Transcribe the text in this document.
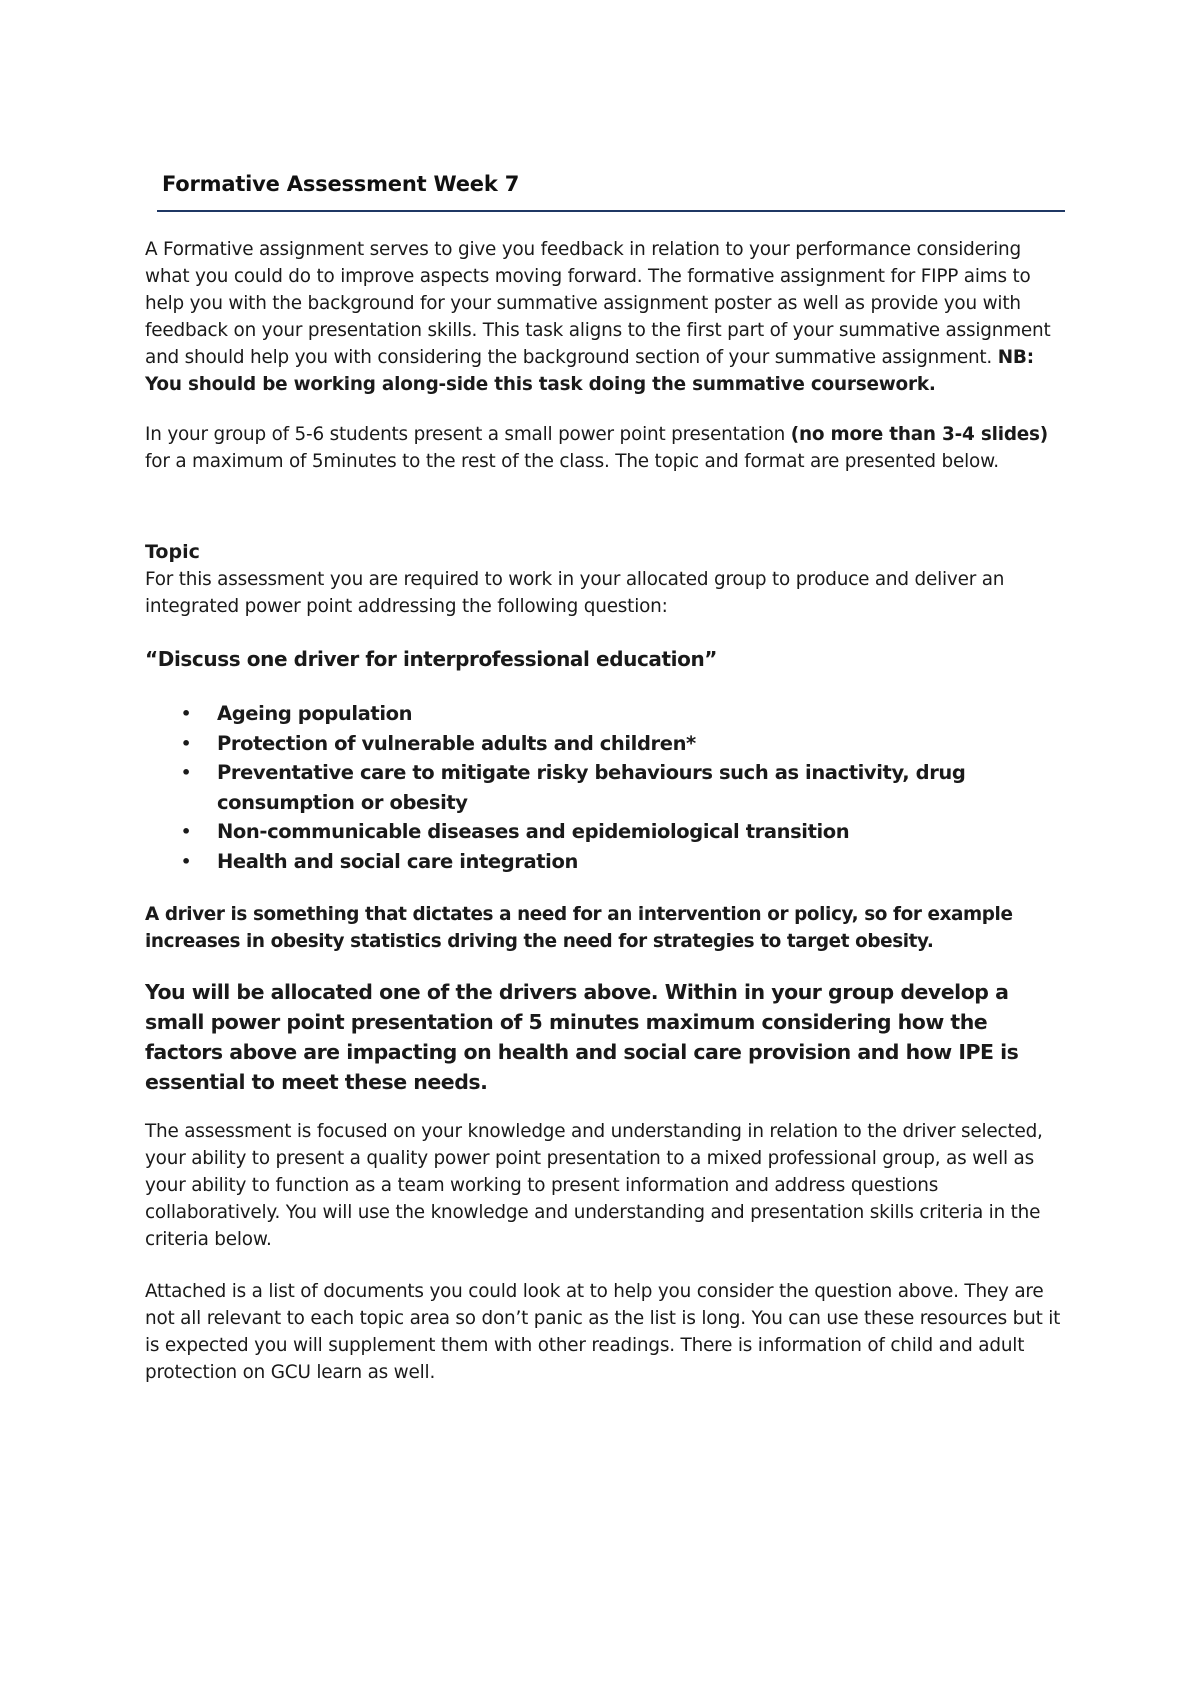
Formative Assessment Week 7

A Formative assignment serves to give you feedback in relation to your performance considering what you could do to improve aspects moving forward. The formative assignment for FIPP aims to help you with the background for your summative assignment poster as well as provide you with feedback on your presentation skills. This task aligns to the first part of your summative assignment and should help you with considering the background section of your summative assignment. NB: You should be working along-side this task doing the summative coursework.

In your group of 5-6 students present a small power point presentation (no more than 3-4 slides) for a maximum of 5minutes to the rest of the class. The topic and format are presented below.

Topic

For this assessment you are required to work in your allocated group to produce and deliver an integrated power point addressing the following question:

“Discuss one driver for interprofessional education”
• Ageing population
• Protection of vulnerable adults and children*
• Preventative care to mitigate risky behaviours such as inactivity, drug consumption or obesity
• Non-communicable diseases and epidemiological transition
• Health and social care integration

A driver is something that dictates a need for an intervention or policy, so for example increases in obesity statistics driving the need for strategies to target obesity.

You will be allocated one of the drivers above. Within in your group develop a small power point presentation of 5 minutes maximum considering how the factors above are impacting on health and social care provision and how IPE is essential to meet these needs.

The assessment is focused on your knowledge and understanding in relation to the driver selected, your ability to present a quality power point presentation to a mixed professional group, as well as your ability to function as a team working to present information and address questions collaboratively. You will use the knowledge and understanding and presentation skills criteria in the criteria below.

Attached is a list of documents you could look at to help you consider the question above. They are not all relevant to each topic area so don’t panic as the list is long. You can use these resources but it is expected you will supplement them with other readings. There is information of child and adult protection on GCU learn as well.
